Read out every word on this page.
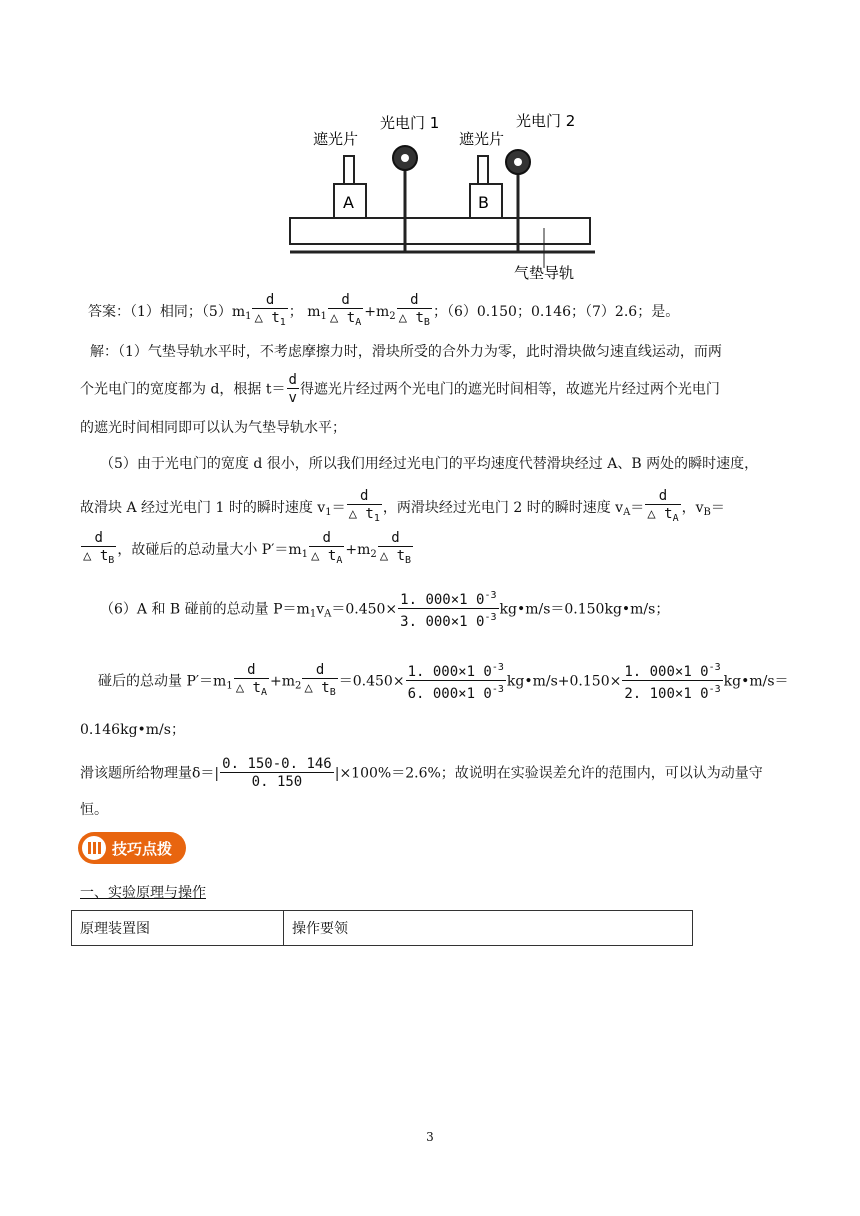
遮光片
光电门 1
遮光片
光电门 2
A	B
气垫导轨
答案：（1）相同；$(5)m_1 \frac{d}{\triangle t_1}$ ； $m_1 \frac{d}{\triangle t_A} +m_2 \frac{d}{\triangle t_B}$ ；（6）0.150；0.146；（7）2.6；是。
解：（1）气垫导轨水平时，不考虑摩擦力时，滑块所受的合外力为零，此时滑块做匀速直线运动，而两
个光电门的宽度都为 d，根据 $t= \frac{d}{v}$ 得遮光片经过两个光电门的遮光时间相等，故遮光片经过两个光电门
的遮光时间相同即可以认为气垫导轨水平；
（5）由于光电门的宽度 d 很小，所以我们用经过光电门的平均速度代替滑块经过 A、B 两处的瞬时速度，
故滑块 A 经过光电门 1 时的瞬时速度 $v_1= \frac{d}{\triangle t_1}$ ，两滑块经过光电门 2 时的瞬时速度 $v_A= \frac{d}{\triangle t_A}$ ，$v_B=$
$\frac{d}{\triangle t_B}$ ，故碰后的总动量大小 $P'=m_1 \frac{d}{\triangle t_A} +m_2 \frac{d}{\triangle t_B}$
（6）A 和 B 碰前的总动量 $P=m_1v_A=0.450\times \frac{1. 000\times 1 0^{-3}}{3. 000\times 1 0^{-3}}$ kg•m/s＝0.150kg•m/s；
碰后的总动量 $P'=m_1 \frac{d}{\triangle t_A} +m_2 \frac{d}{\triangle t_B} =0.450\times \frac{1. 000\times 1 0^{-3}}{6. 000\times 1 0^{-3}}$ kg•m/s+0.150× $\frac{1. 000\times 1 0^{-3}}{2. 100\times 1 0^{-3}}$ kg•m/s＝
0.146kg•m/s；
滑该题所给物理量$\delta=| \frac{0. 150-0. 146}{0. 150} |\times 100\%=2.6\%$；故说明在实验误差允许的范围内，可以认为动量守
恒。
技巧点拨
一、实验原理与操作
原理装置图	操作要领
3
